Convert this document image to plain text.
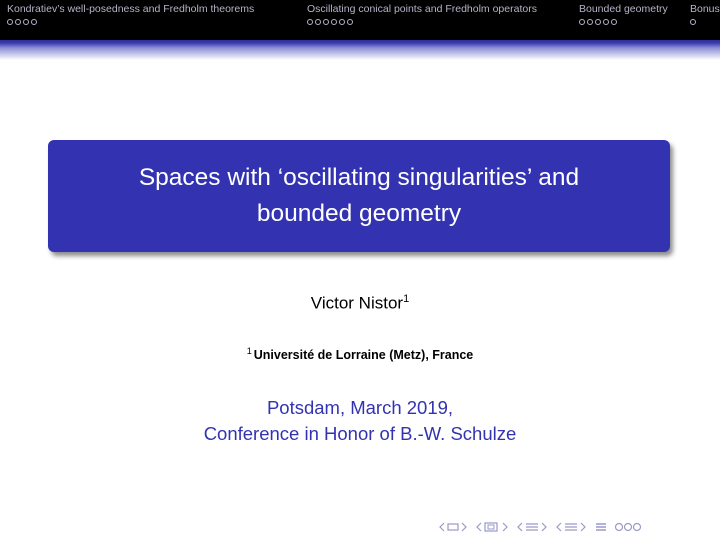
Kondratiev’s well-posedness and Fredholm theorems	Oscillating conical points and Fredholm operators	Bounded geometry Bonus
Spaces with ‘oscillating singularities’ and
bounded geometry
Victor Nistor$^1$
$^1$ Université de Lorraine (Metz), France
Potsdam, March 2019,
Conference in Honor of B.-W. Schulze
